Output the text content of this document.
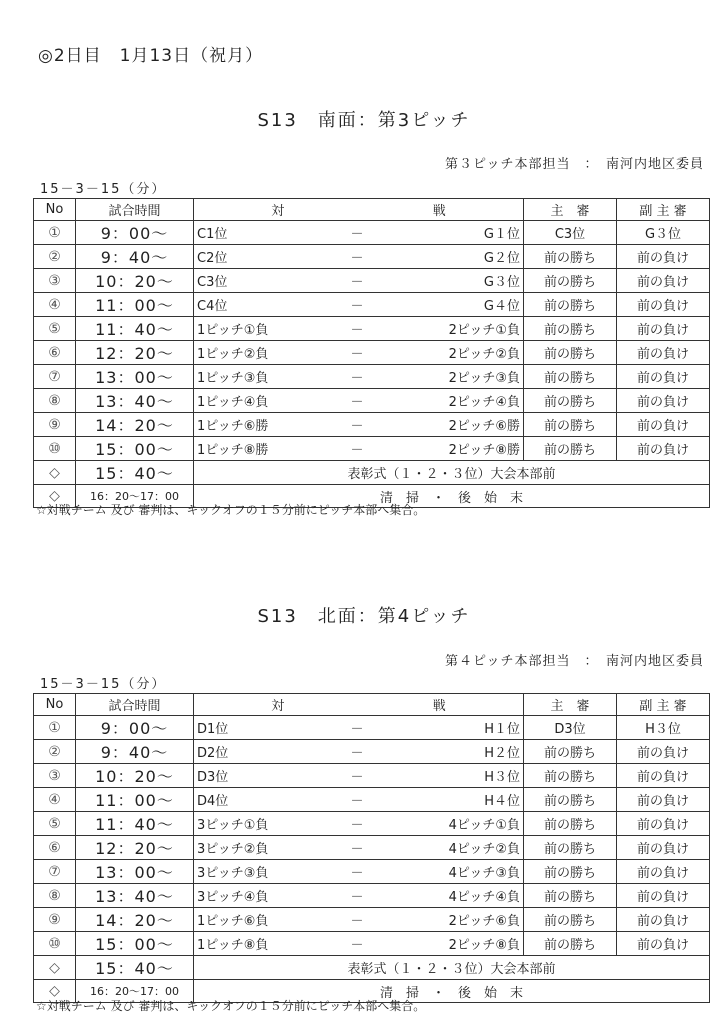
◎2日目　1月13日（祝月）
S13　南面：第3ピッチ
第３ピッチ本部担当　：　南河内地区委員
15－3－15（分）
No	試合時間	対 戦	主　審	副 主 審
①	9：00～	C1位 － G１位	C3位	G３位
②	9：40～	C2位 － G２位	前の勝ち	前の負け
③	10：20～	C3位 － G３位	前の勝ち	前の負け
④	11：00～	C4位 － G４位	前の勝ち	前の負け
⑤	11：40～	1ピッチ①負 － 2ピッチ①負	前の勝ち	前の負け
⑥	12：20～	1ピッチ②負 － 2ピッチ②負	前の勝ち	前の負け
⑦	13：00～	1ピッチ③負 － 2ピッチ③負	前の勝ち	前の負け
⑧	13：40～	1ピッチ④負 － 2ピッチ④負	前の勝ち	前の負け
⑨	14：20～	1ピッチ⑥勝 － 2ピッチ⑥勝	前の勝ち	前の負け
⑩	15：00～	1ピッチ⑧勝 － 2ピッチ⑧勝	前の勝ち	前の負け
◇	15：40～	表彰式（１・２・３位）大会本部前		
◇	16：20～17：00	清　掃　・　後　始　末		
☆対戦チーム 及び 審判は、キックオフの１５分前にピッチ本部へ集合。
S13　北面：第4ピッチ
第４ピッチ本部担当　：　南河内地区委員
15－3－15（分）
No	試合時間	対 戦	主　審	副 主 審
①	9：00～	D1位 － H１位	D3位	H３位
②	9：40～	D2位 － H２位	前の勝ち	前の負け
③	10：20～	D3位 － H３位	前の勝ち	前の負け
④	11：00～	D4位 － H４位	前の勝ち	前の負け
⑤	11：40～	3ピッチ①負 － 4ピッチ①負	前の勝ち	前の負け
⑥	12：20～	3ピッチ②負 － 4ピッチ②負	前の勝ち	前の負け
⑦	13：00～	3ピッチ③負 － 4ピッチ③負	前の勝ち	前の負け
⑧	13：40～	3ピッチ④負 － 4ピッチ④負	前の勝ち	前の負け
⑨	14：20～	1ピッチ⑥負 － 2ピッチ⑥負	前の勝ち	前の負け
⑩	15：00～	1ピッチ⑧負 － 2ピッチ⑧負	前の勝ち	前の負け
◇	15：40～	表彰式（１・２・３位）大会本部前		
◇	16：20～17：00	清　掃　・　後　始　末		
☆対戦チーム 及び 審判は、キックオフの１５分前にピッチ本部へ集合。
